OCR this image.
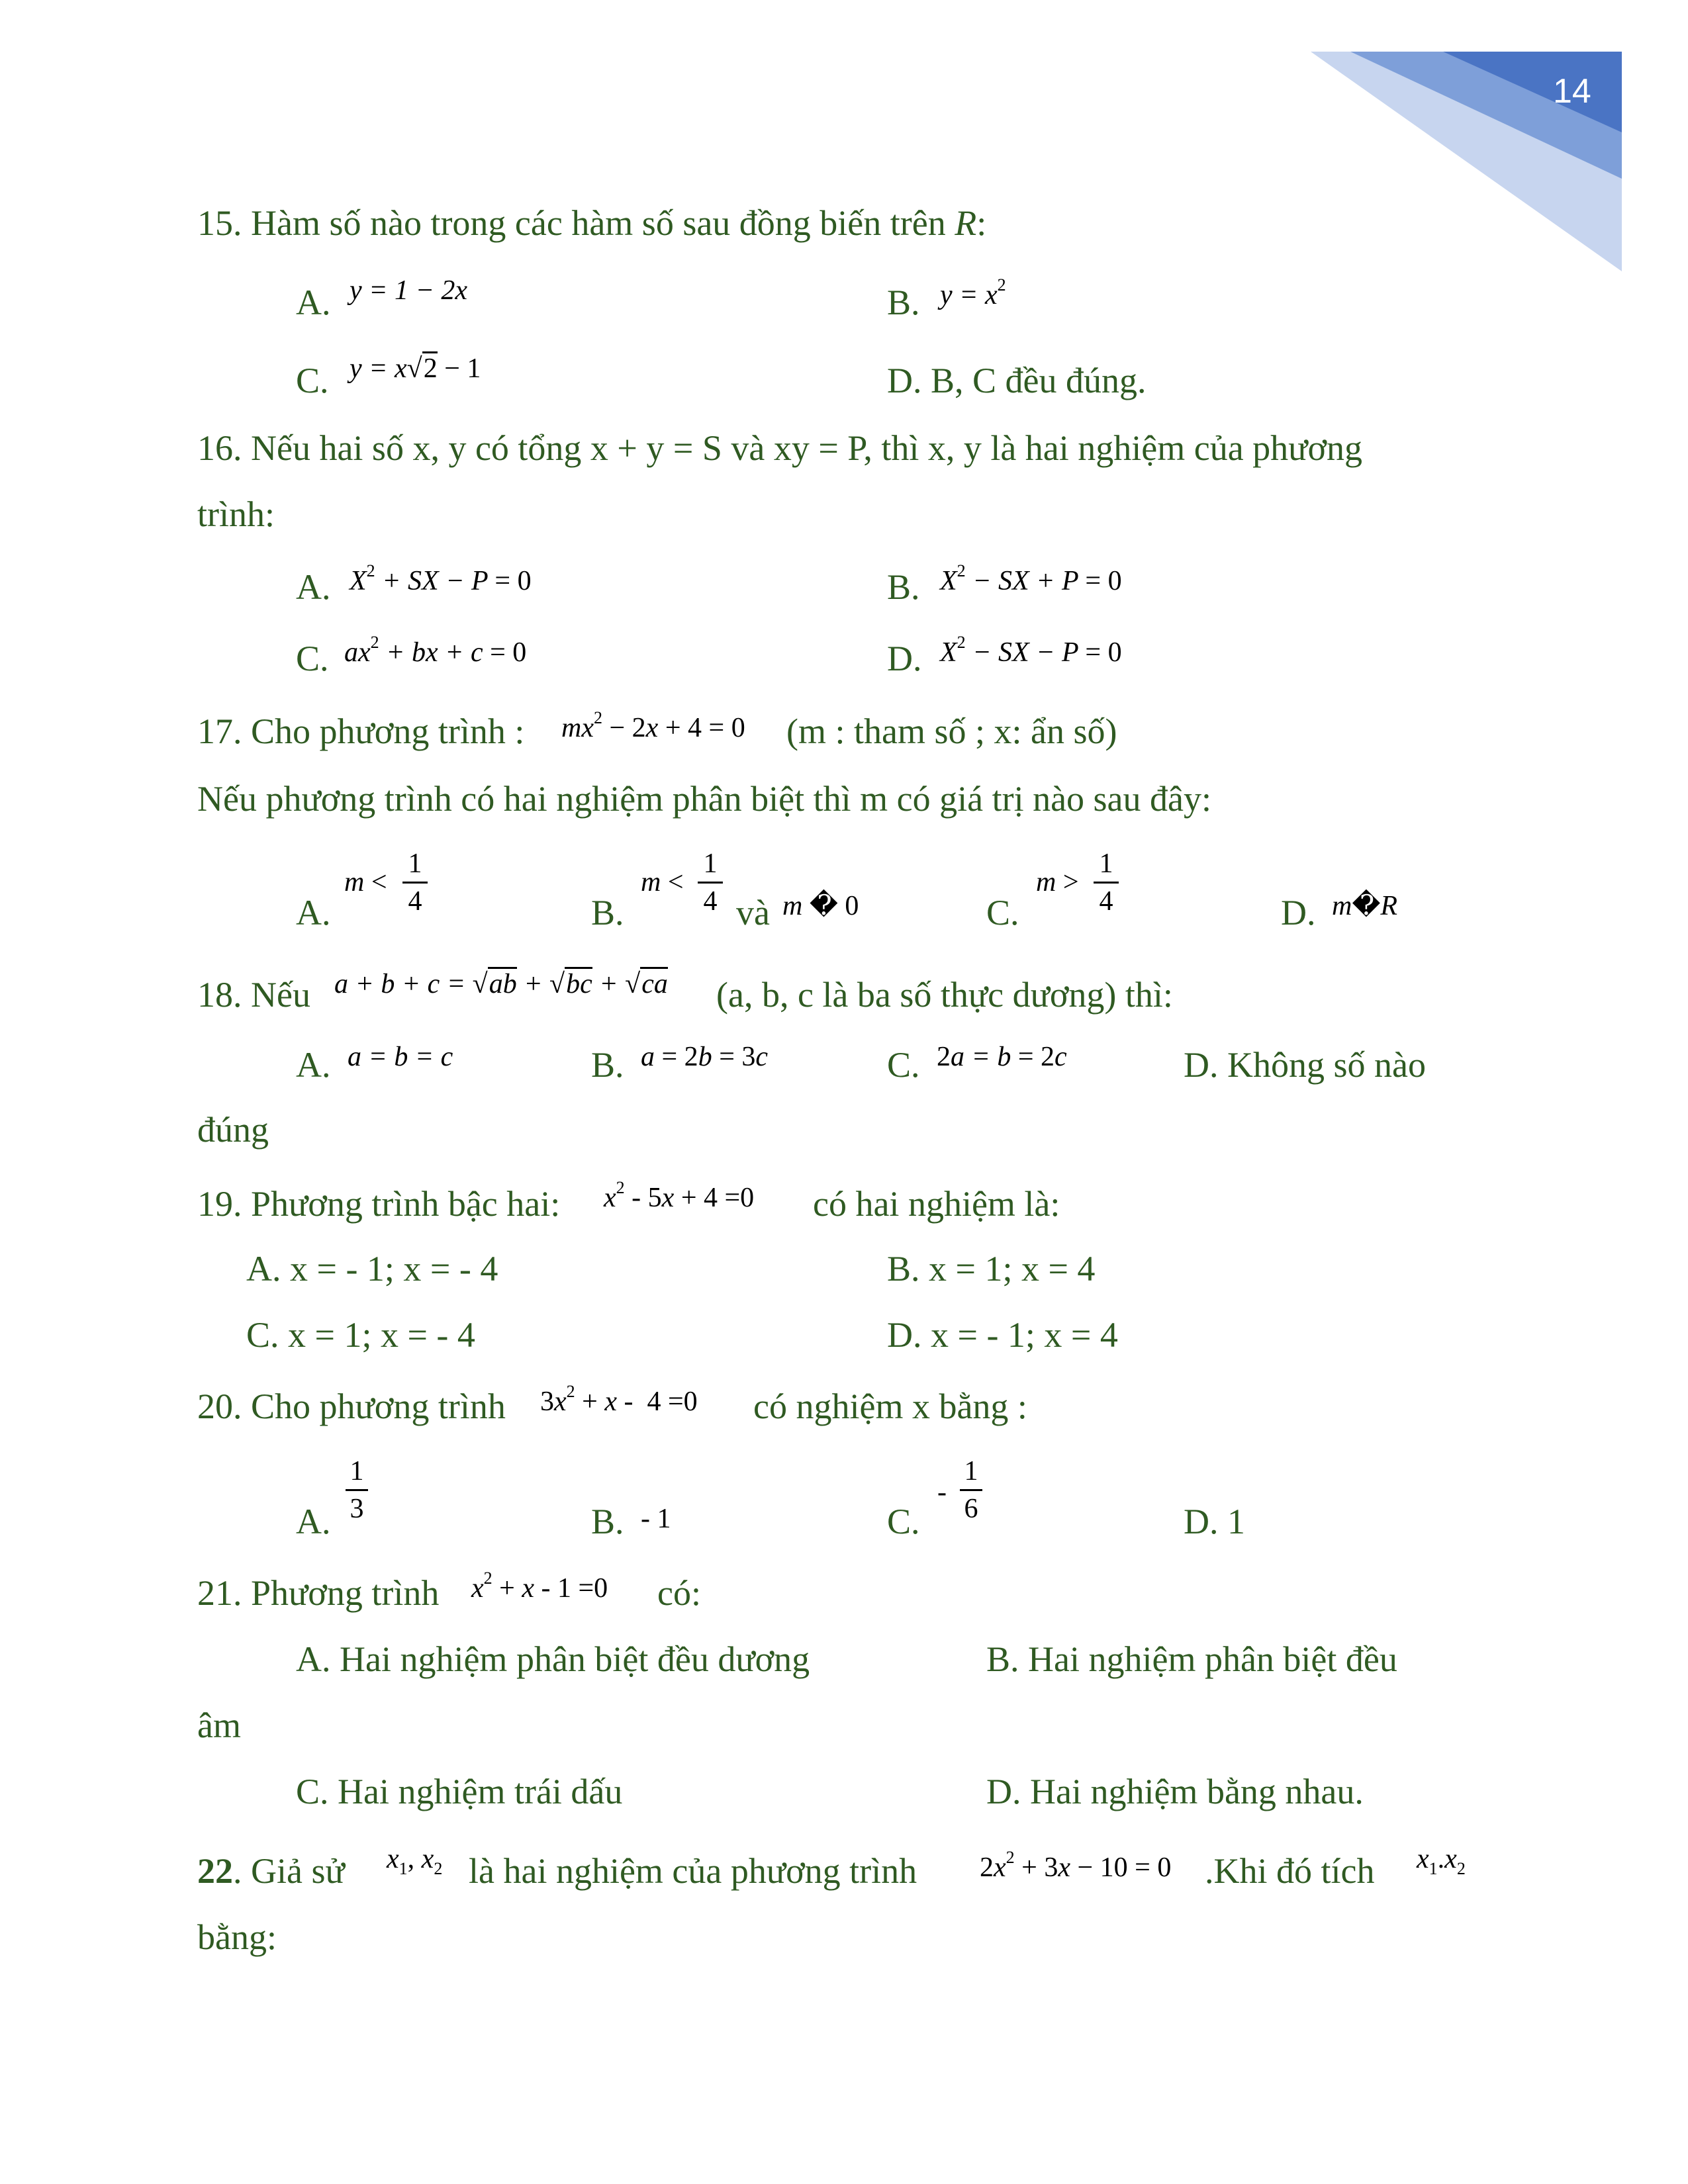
14
15. Hàm số nào trong các hàm số sau đồng biến trên R:
A. y = 1 − 2x	B. $y = x^2$
C. y = x√2 − 1	D. B, C đều đúng.
16. Nếu hai số x, y có tổng x + y = S và xy = P, thì x, y là hai nghiệm của phương
trình:
A. $X^2$ + SX − P = 0	B. $X^2$ − SX + P = 0
C. $ax^2$ + bx + c = 0	D. $X^2$ − SX − P = 0
17. Cho phương trình : $mx^2 - 2x + 4 = 0$ (m : tham số ; x: ẩn số)
Nếu phương trình có hai nghiệm phân biệt thì m có giá trị nào sau đây:
A.
m <
1
4	B.
m <
1
4 và m � 0	C.
m >
1
4	D. m�R
18. Nếu a + b + c = √ab + √bc + √ca (a, b, c là ba số thực dương) thì:
A. a = b = c	B. a = 2b = 3c	C. 2a = b = 2c	D. Không số nào
đúng
19. Phương trình bậc hai: $x^2 - 5x + 4 =0$ có hai nghiệm là:
A. x = - 1; x = - 4	B. x = 1; x = 4
C. x = 1; x = - 4	D. x = - 1; x = 4
20. Cho phương trình $3x^2 + x - 4 =0$ có nghiệm x bằng :
A.
1
3	B. - 1	C.
-
1
6	D. 1
21. Phương trình $x^2 + x - 1 =0$ có:
A. Hai nghiệm phân biệt đều dương	B. Hai nghiệm phân biệt đều
âm
C. Hai nghiệm trái dấu	D. Hai nghiệm bằng nhau.
22. Giả sử $x_1$, $x_2$ là hai nghiệm của phương trình $2x^2 + 3x - 10 = 0$ .Khi đó tích $x_1.x_2$
bằng:
